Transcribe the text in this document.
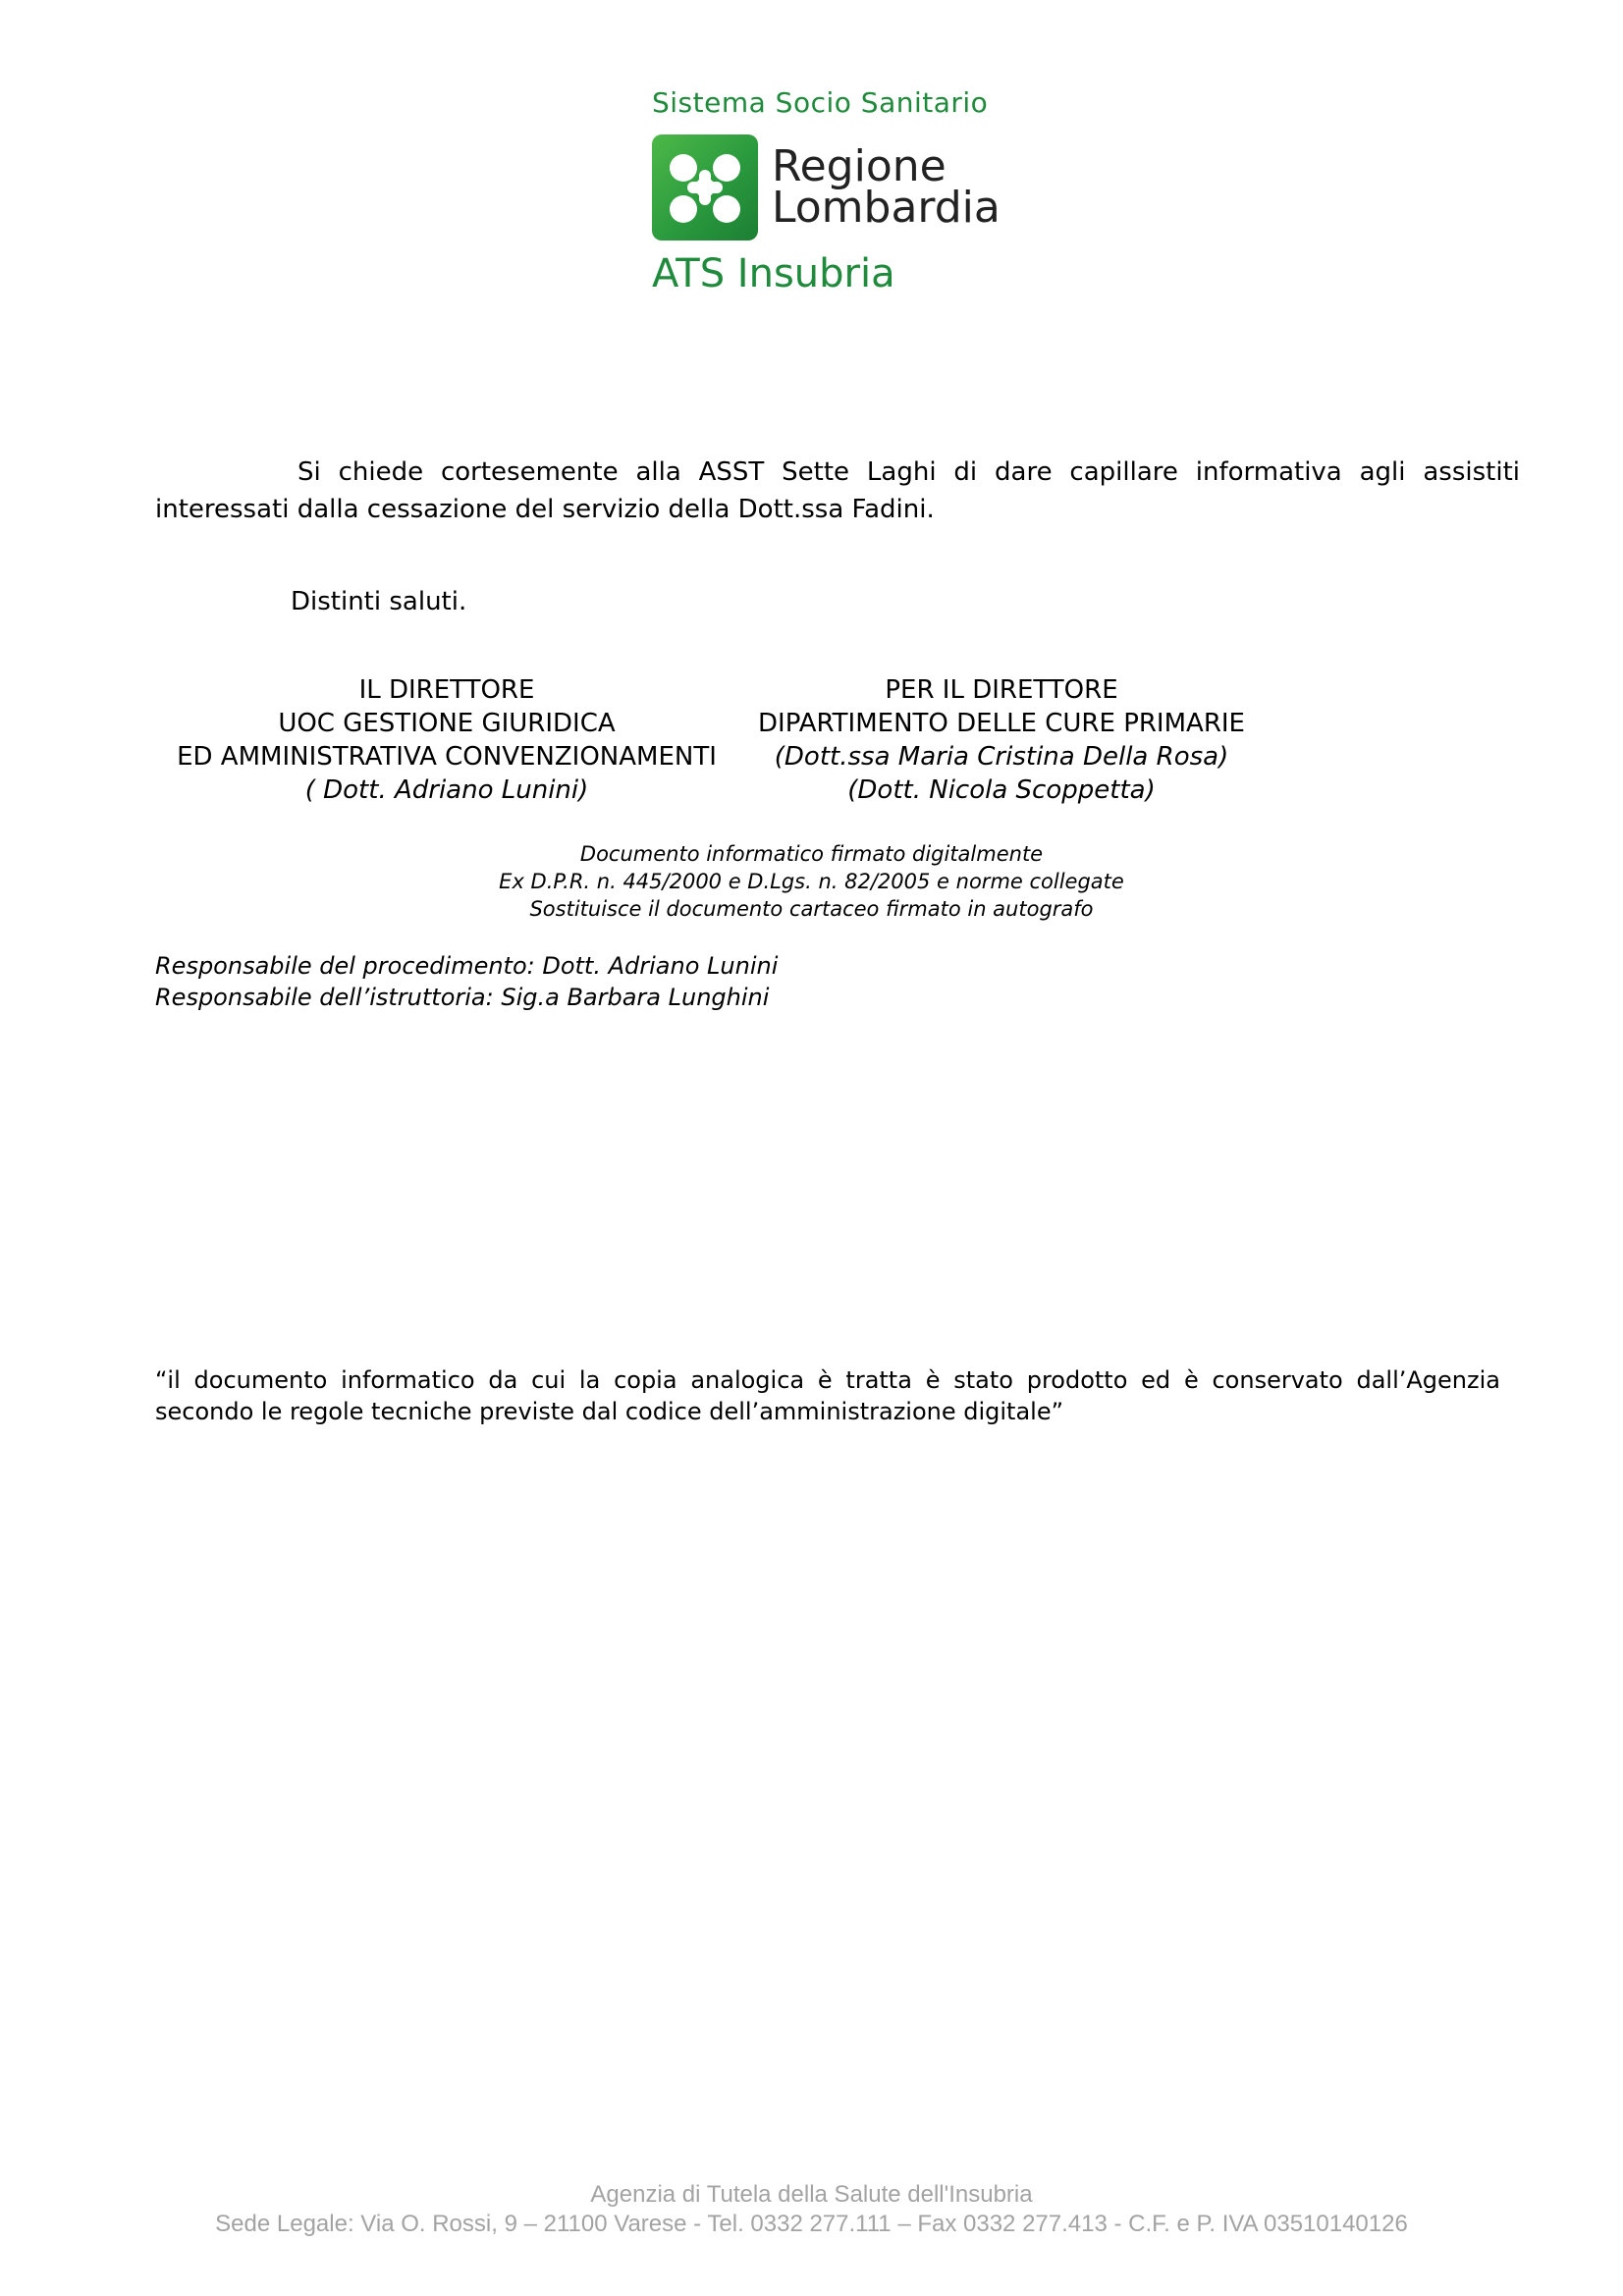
Sistema Socio Sanitario
Regione
Lombardia
ATS Insubria
Si chiede cortesemente alla ASST Sette Laghi di dare capillare informativa agli assistiti interessati dalla cessazione del servizio della Dott.ssa Fadini.
Distinti saluti.
IL DIRETTORE
UOC GESTIONE GIURIDICA
ED AMMINISTRATIVA CONVENZIONAMENTI
( Dott. Adriano Lunini)
PER IL DIRETTORE
DIPARTIMENTO DELLE CURE PRIMARIE
(Dott.ssa Maria Cristina Della Rosa)
(Dott. Nicola Scoppetta)
Documento informatico firmato digitalmente
Ex D.P.R. n. 445/2000 e D.Lgs. n. 82/2005 e norme collegate
Sostituisce il documento cartaceo firmato in autografo
Responsabile del procedimento: Dott. Adriano Lunini
Responsabile dell’istruttoria: Sig.a Barbara Lunghini
“il documento informatico da cui la copia analogica è tratta è stato prodotto ed è conservato dall’Agenzia secondo le regole tecniche previste dal codice dell’amministrazione digitale”
Agenzia di Tutela della Salute dell'Insubria
Sede Legale: Via O. Rossi, 9 – 21100 Varese - Tel. 0332 277.111 – Fax 0332 277.413 - C.F. e P. IVA 03510140126
